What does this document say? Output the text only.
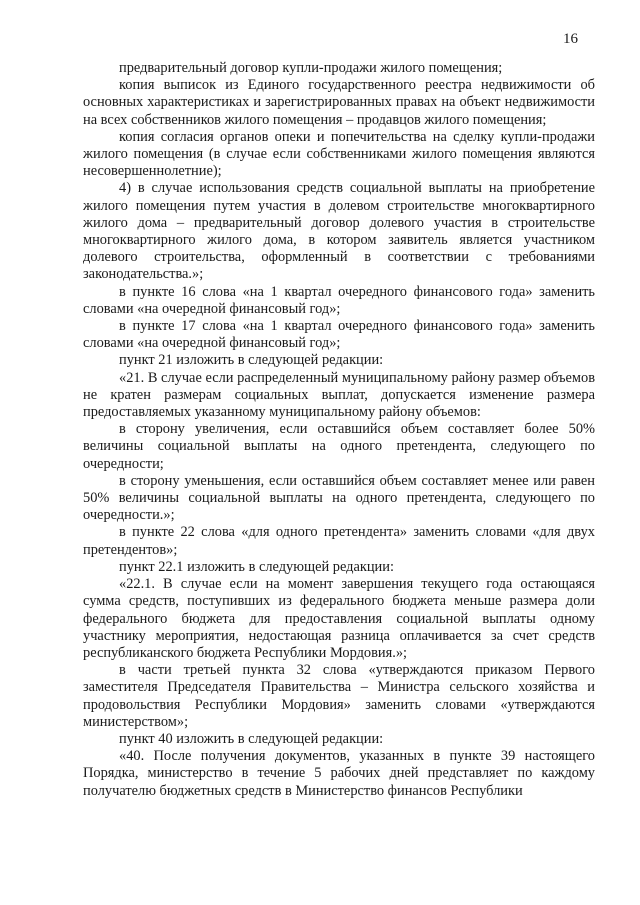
16

предварительный договор купли-продажи жилого помещения;

копия выписок из Единого государственного реестра недвижимости об основных характеристиках и зарегистрированных правах на объект недвижимости на всех собственников жилого помещения – продавцов жилого помещения;

копия согласия органов опеки и попечительства на сделку купли-продажи жилого помещения (в случае если собственниками жилого помещения являются несовершеннолетние);

4) в случае использования средств социальной выплаты на приобретение жилого помещения путем участия в долевом строительстве многоквартирного жилого дома – предварительный договор долевого участия в строительстве многоквартирного жилого дома, в котором заявитель является участником долевого строительства, оформленный в соответствии с требованиями законодательства.»;

в пункте 16 слова «на 1 квартал очередного финансового года» заменить словами «на очередной финансовый год»;

в пункте 17 слова «на 1 квартал очередного финансового года» заменить словами «на очередной финансовый год»;

пункт 21 изложить в следующей редакции:

«21. В случае если распределенный муниципальному району размер объемов не кратен размерам социальных выплат, допускается изменение размера предоставляемых указанному муниципальному району объемов:

в сторону увеличения, если оставшийся объем составляет более 50% величины социальной выплаты на одного претендента, следующего по очередности;

в сторону уменьшения, если оставшийся объем составляет менее или равен 50% величины социальной выплаты на одного претендента, следующего по очередности.»;

в пункте 22 слова «для одного претендента» заменить словами «для двух претендентов»;

пункт 22.1 изложить в следующей редакции:

«22.1. В случае если на момент завершения текущего года остающаяся сумма средств, поступивших из федерального бюджета меньше размера доли федерального бюджета для предоставления социальной выплаты одному участнику мероприятия, недостающая разница оплачивается за счет средств республиканского бюджета Республики Мордовия.»;

в части третьей пункта 32 слова «утверждаются приказом Первого заместителя Председателя Правительства – Министра сельского хозяйства и продовольствия Республики Мордовия» заменить словами «утверждаются министерством»;

пункт 40 изложить в следующей редакции:

«40. После получения документов, указанных в пункте 39 настоящего Порядка, министерство в течение 5 рабочих дней представляет по каждому получателю бюджетных средств в Министерство финансов Республики
